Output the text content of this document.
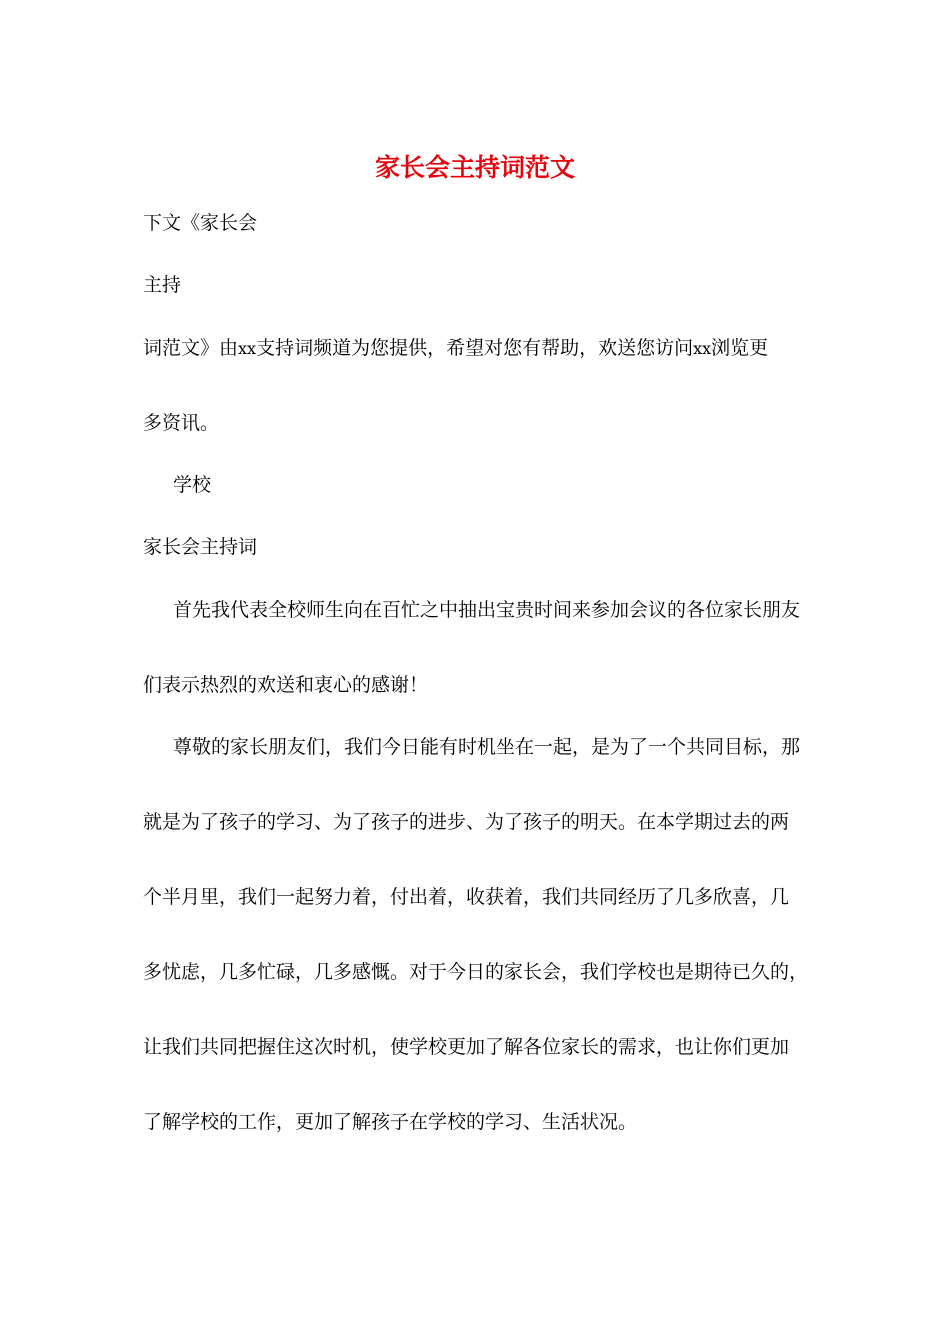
家长会主持词范文
下文《家长会
主持
词范文》由xx支持词频道为您提供，希望对您有帮助，欢送您访问xx浏览更
多资讯。
学校
家长会主持词
首先我代表全校师生向在百忙之中抽出宝贵时间来参加会议的各位家长朋友
们表示热烈的欢送和衷心的感谢！
尊敬的家长朋友们，我们今日能有时机坐在一起，是为了一个共同目标，那
就是为了孩子的学习、为了孩子的进步、为了孩子的明天。在本学期过去的两
个半月里，我们一起努力着，付出着，收获着，我们共同经历了几多欣喜，几
多忧虑，几多忙碌，几多感慨。对于今日的家长会，我们学校也是期待已久的，
让我们共同把握住这次时机，使学校更加了解各位家长的需求，也让你们更加
了解学校的工作，更加了解孩子在学校的学习、生活状况。
